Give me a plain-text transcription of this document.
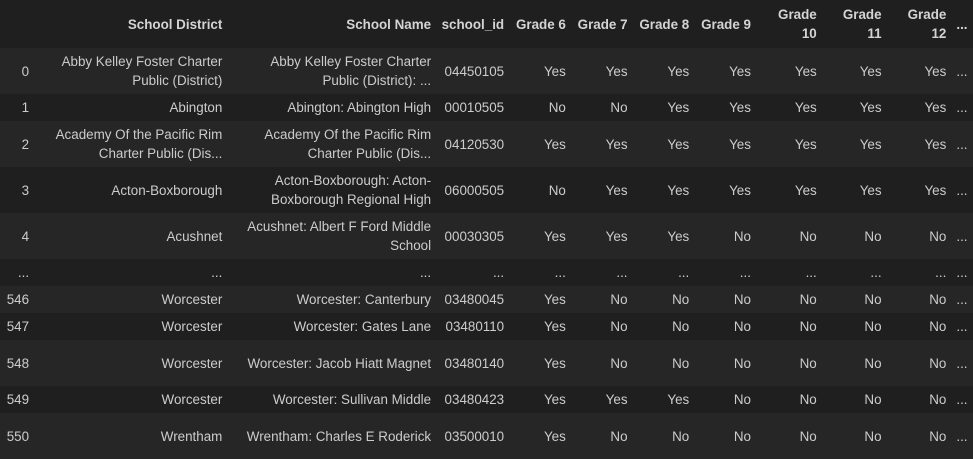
	School District	School Name	school_id	Grade 6	Grade 7	Grade 8	Grade 9	Grade 10	Grade 11	Grade 12	...
0	Abby Kelley Foster Charter Public (District)	Abby Kelley Foster Charter Public (District): ...	04450105	Yes	Yes	Yes	Yes	Yes	Yes	Yes	...
1	Abington	Abington: Abington High	00010505	No	No	Yes	Yes	Yes	Yes	Yes	...
2	Academy Of the Pacific Rim Charter Public (Dis...	Academy Of the Pacific Rim Charter Public (Dis...	04120530	Yes	Yes	Yes	Yes	Yes	Yes	Yes	...
3	Acton-Boxborough	Acton-Boxborough: Acton-Boxborough Regional High	06000505	No	Yes	Yes	Yes	Yes	Yes	Yes	...
4	Acushnet	Acushnet: Albert F Ford Middle School	00030305	Yes	Yes	Yes	No	No	No	No	...
...	...	...	...	...	...	...	...	...	...	...	...
546	Worcester	Worcester: Canterbury	03480045	Yes	No	No	No	No	No	No	...
547	Worcester	Worcester: Gates Lane	03480110	Yes	No	No	No	No	No	No	...
548	Worcester	Worcester: Jacob Hiatt Magnet	03480140	Yes	No	No	No	No	No	No	...
549	Worcester	Worcester: Sullivan Middle	03480423	Yes	Yes	Yes	No	No	No	No	...
550	Wrentham	Wrentham: Charles E Roderick	03500010	Yes	No	No	No	No	No	No	...
